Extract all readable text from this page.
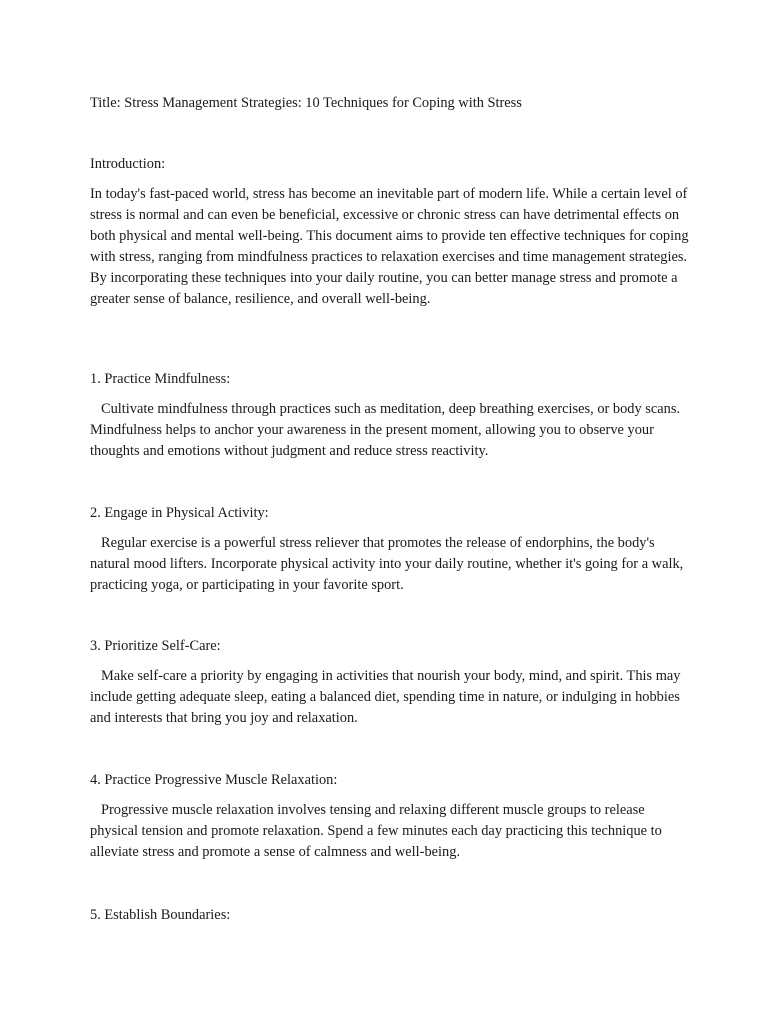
Title: Stress Management Strategies: 10 Techniques for Coping with Stress

Introduction:

In today's fast-paced world, stress has become an inevitable part of modern life. While a certain level of stress is normal and can even be beneficial, excessive or chronic stress can have detrimental effects on both physical and mental well-being. This document aims to provide ten effective techniques for coping with stress, ranging from mindfulness practices to relaxation exercises and time management strategies. By incorporating these techniques into your daily routine, you can better manage stress and promote a greater sense of balance, resilience, and overall well-being.

1. Practice Mindfulness:

Cultivate mindfulness through practices such as meditation, deep breathing exercises, or body scans. Mindfulness helps to anchor your awareness in the present moment, allowing you to observe your thoughts and emotions without judgment and reduce stress reactivity.

2. Engage in Physical Activity:

Regular exercise is a powerful stress reliever that promotes the release of endorphins, the body's natural mood lifters. Incorporate physical activity into your daily routine, whether it's going for a walk, practicing yoga, or participating in your favorite sport.

3. Prioritize Self-Care:

Make self-care a priority by engaging in activities that nourish your body, mind, and spirit. This may include getting adequate sleep, eating a balanced diet, spending time in nature, or indulging in hobbies and interests that bring you joy and relaxation.

4. Practice Progressive Muscle Relaxation:

Progressive muscle relaxation involves tensing and relaxing different muscle groups to release physical tension and promote relaxation. Spend a few minutes each day practicing this technique to alleviate stress and promote a sense of calmness and well-being.

5. Establish Boundaries:
